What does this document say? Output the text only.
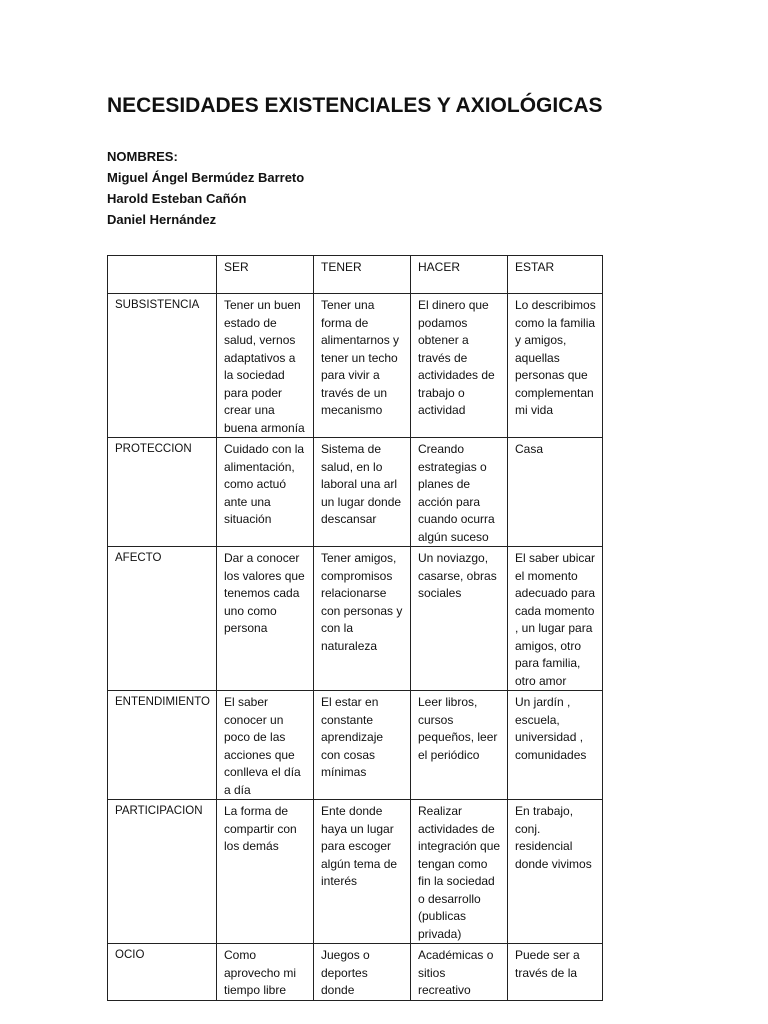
NECESIDADES EXISTENCIALES Y AXIOLÓGICAS
NOMBRES:
Miguel Ángel Bermúdez Barreto
Harold Esteban Cañón
Daniel Hernández
	SER	TENER	HACER	ESTAR
SUBSISTENCIA	Tener un buen estado de salud, vernos adaptativos a la sociedad para poder crear una buena armonía	Tener una forma de alimentarnos y tener un techo para vivir a través de un mecanismo	El dinero que podamos obtener a través de actividades de trabajo o actividad	Lo describimos como la familia y amigos, aquellas personas que complementan mi vida
PROTECCION	Cuidado con la alimentación, como actuó ante una situación	Sistema de salud, en lo laboral una arl un lugar donde descansar	Creando estrategias o planes de acción para cuando ocurra algún suceso	Casa
AFECTO	Dar a conocer los valores que tenemos cada uno como persona	Tener amigos, compromisos relacionarse con personas y con la naturaleza	Un noviazgo, casarse, obras sociales	El saber ubicar el momento adecuado para cada momento , un lugar para amigos, otro para familia, otro amor
ENTENDIMIENTO	El saber conocer un poco de las acciones que conlleva el día a día	El estar en constante aprendizaje con cosas mínimas	Leer libros, cursos pequeños, leer el periódico	Un jardín , escuela, universidad , comunidades
PARTICIPACION	La forma de compartir con los demás	Ente donde haya un lugar para escoger algún tema de interés	Realizar actividades de integración que tengan como fin la sociedad o desarrollo (publicas privada)	En trabajo, conj. residencial donde vivimos
OCIO	Como aprovecho mi tiempo libre	Juegos o deportes donde	Académicas o sitios recreativo	Puede ser a través de la
